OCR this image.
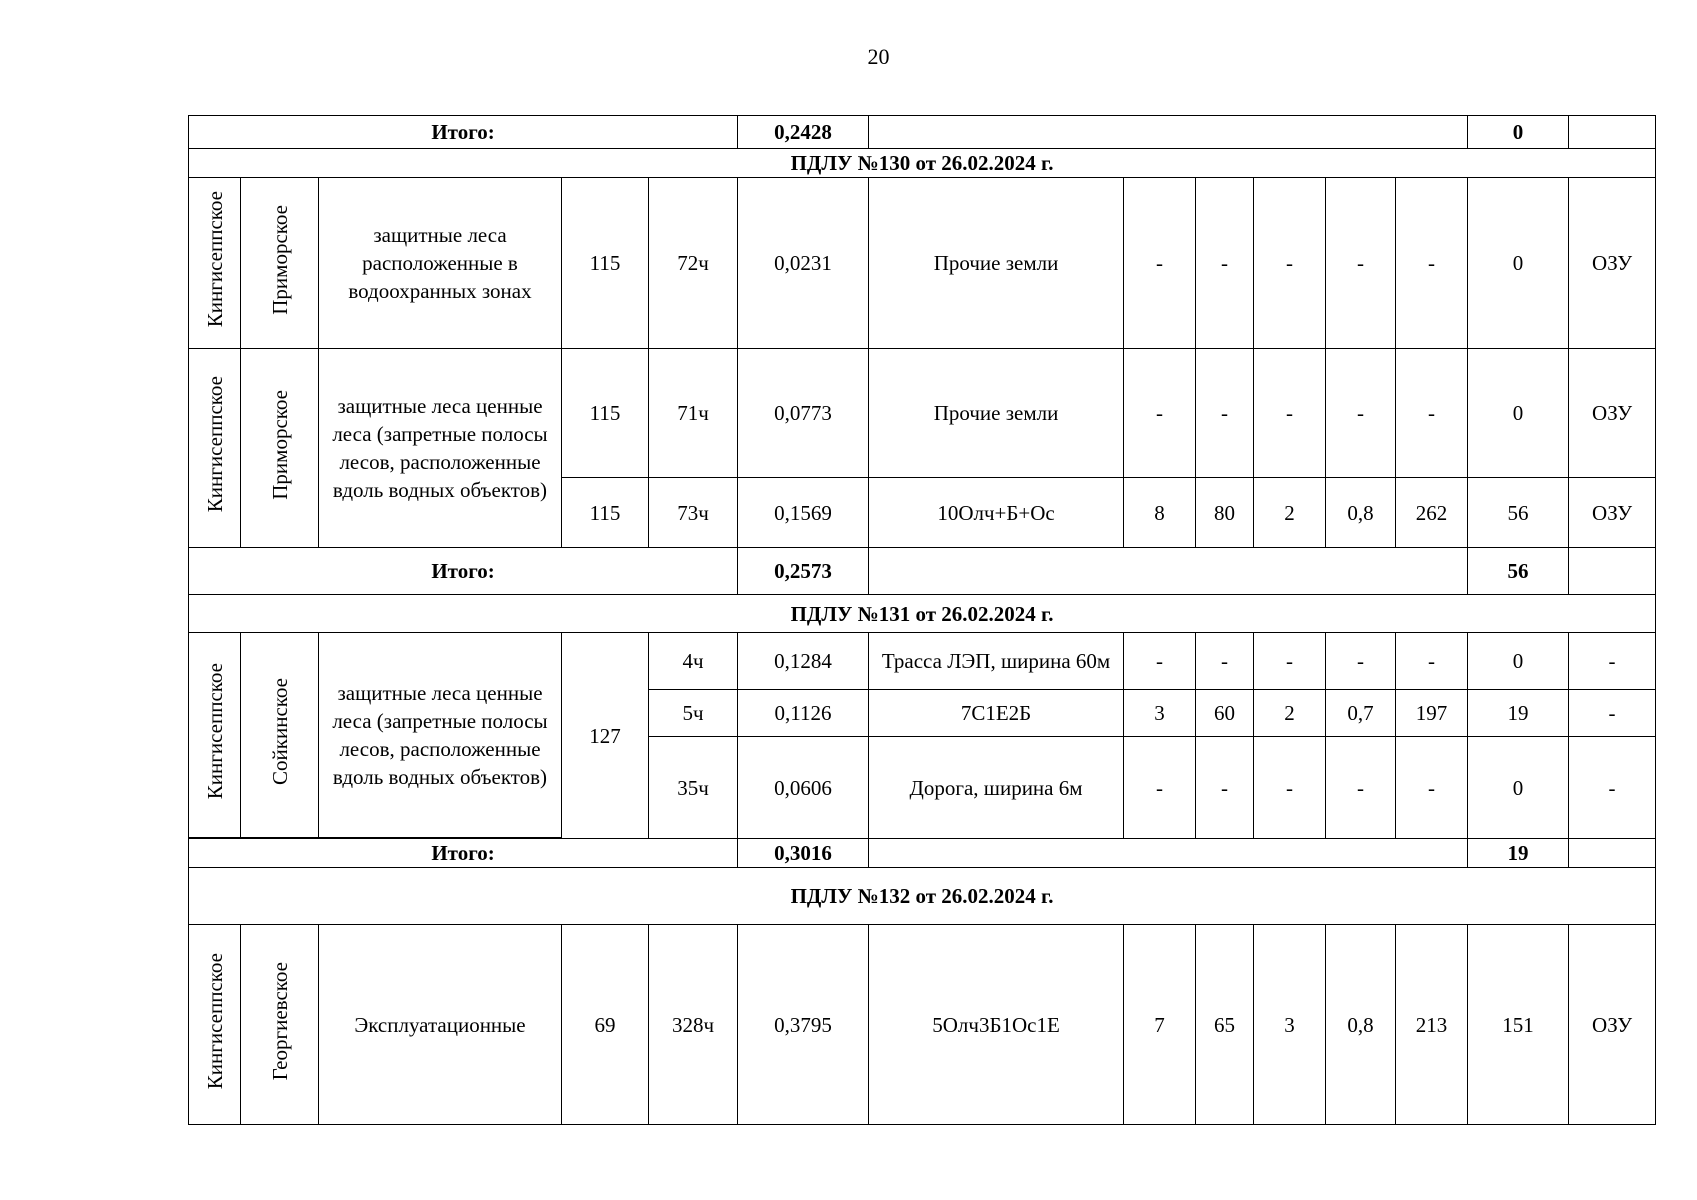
20
Итого:					0,2428							0	
ПДЛУ №130 от 26.02.2024 г.													
Кингисеппское	Приморское	защитные леса расположенные в водоохранных зонах	115	72ч	0,0231	Прочие земли	-	-	-	-	-	0	ОЗУ
Кингисеппское	Приморское	защитные леса ценные леса (запретные полосы лесов, расположенные вдоль водных объектов)	115	71ч	0,0773	Прочие земли	-	-	-	-	-	0	ОЗУ
			115	73ч	0,1569	10Олч+Б+Ос	8	80	2	0,8	262	56	ОЗУ
Итого:					0,2573							56	
ПДЛУ №131 от 26.02.2024 г.													
Кингисеппское	Сойкинское	защитные леса ценные леса (запретные полосы лесов, расположенные вдоль водных объектов)	127	4ч	0,1284	Трасса ЛЭП, ширина 60м	-	-	-	-	-	0	-
				5ч	0,1126	7С1Е2Б	3	60	2	0,7	197	19	-
				35ч	0,0606	Дорога, ширина 6м	-	-	-	-	-	0	-

Итого:					0,3016							19	
ПДЛУ №132 от 26.02.2024 г.													
Кингисеппское	Георгиевское	Эксплуатационные	69	328ч	0,3795	5Олч3Б1Ос1Е	7	65	3	0,8	213	151	ОЗУ
